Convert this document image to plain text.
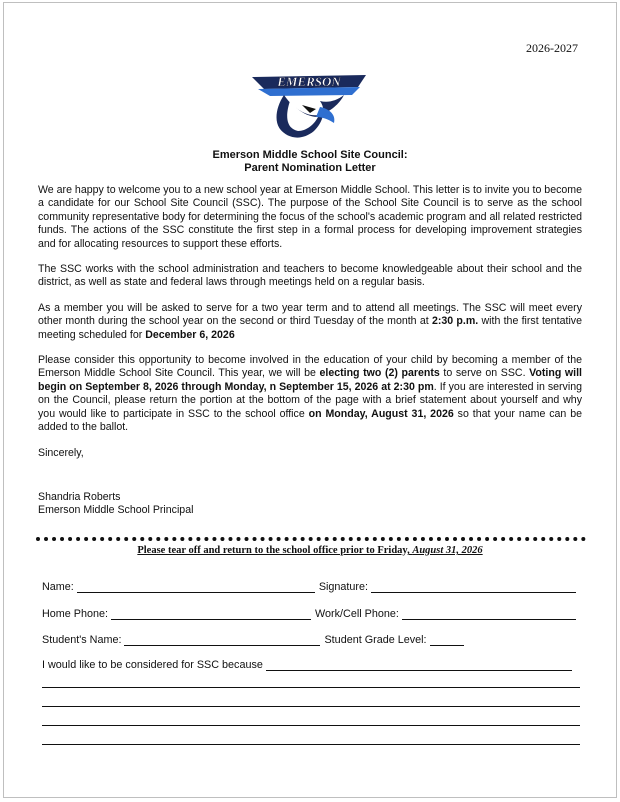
2026-2027
EMERSON
Emerson Middle School Site Council:
Parent Nomination Letter

We are happy to welcome you to a new school year at Emerson Middle School. This letter is to invite you to become a candidate for our School Site Council (SSC). The purpose of the School Site Council is to serve as the school community representative body for determining the focus of the school's academic program and all related restricted funds. The actions of the SSC constitute the first step in a formal process for developing improvement strategies and for allocating resources to support these efforts.

The SSC works with the school administration and teachers to become knowledgeable about their school and the district, as well as state and federal laws through meetings held on a regular basis.

As a member you will be asked to serve for a two year term and to attend all meetings. The SSC will meet every other month during the school year on the second or third Tuesday of the month at 2:30 p.m. with the first tentative meeting scheduled for December 6, 2026

Please consider this opportunity to become involved in the education of your child by becoming a member of the Emerson Middle School Site Council. This year, we will be electing two (2) parents to serve on SSC. Voting will begin on September 8, 2026 through Monday, n September 15, 2026 at 2:30 pm. If you are interested in serving on the Council, please return the portion at the bottom of the page with a brief statement about yourself and why you would like to participate in SSC to the school office on Monday, August 31, 2026 so that your name can be added to the ballot.

Sincerely,

Shandria Roberts
Emerson Middle School Principal
Please tear off and return to the school office prior to Friday, August 31, 2026
Name:	Signature:
Home Phone:	Work/Cell Phone:
Student's Name:	Student Grade Level:
I would like to be considered for SSC because
